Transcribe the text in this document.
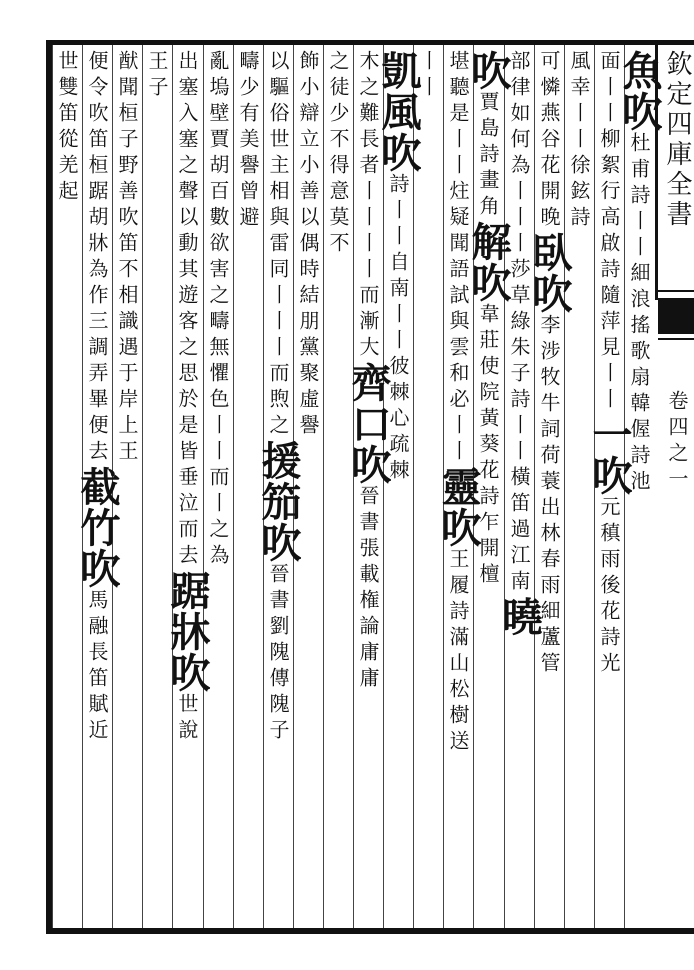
欽定四庫全書
卷四之一
魚吹杜甫詩丨丨細浪搖歌扇韓偓詩池
面丨丨柳絮行高啟詩隨萍見丨丨一吹元稹雨後花詩光
風幸丨丨徐鉉詩
可憐燕谷花開晚臥吹李涉牧牛詞荷蓑出林春雨細蘆管
部律如何為丨丨丨莎草綠朱子詩丨丨橫笛過江南曉
吹賈島詩畫角解吹韋莊使院黃葵花詩乍開檀
堪聽是丨丨炷疑聞語試與雲和必丨丨靈吹王履詩滿山松樹送
丨丨
凱風吹詩丨丨自南丨丨彼棘心疏棘
木之難長者丨丨丨丨而漸大齊口吹晉書張載権論庸庸
之徒少不得意莫不
飾小辯立小善以偶時結朋黨聚虛譽
以驅俗世主相與雷同丨丨丨而煦之援笳吹晉書劉隗傳隗子
疇少有美譽曾避
亂塢壁賈胡百數欲害之疇無懼色丨丨而丨之為
出塞入塞之聲以動其遊客之思於是皆垂泣而去踞牀吹世說
王子
猷聞桓子野善吹笛不相識遇于岸上王
便令吹笛桓踞胡牀為作三調弄畢便去截竹吹馬融長笛賦近
世雙笛從羌起
